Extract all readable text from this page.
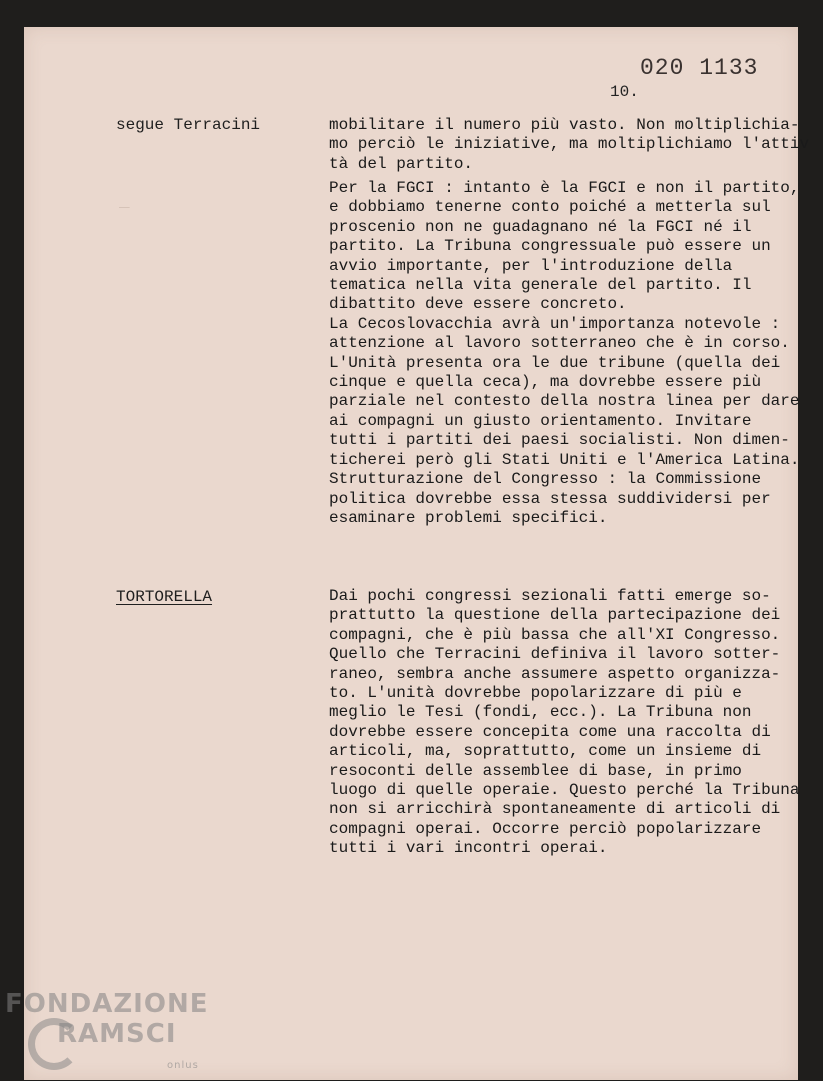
020 1133
10.
segue Terracini	mobilitare il numero più vasto. Non moltiplichia-
mo perciò le iniziative, ma moltiplichiamo l'attiv
tà del partito.
Per la FGCI : intanto è la FGCI e non il partito,
e dobbiamo tenerne conto poiché a metterla sul
proscenio non ne guadagnano né la FGCI né il
partito. La Tribuna congressuale può essere un
avvio importante, per l'introduzione della
tematica nella vita generale del partito. Il
dibattito deve essere concreto.
La Cecoslovacchia avrà un'importanza notevole :
attenzione al lavoro sotterraneo che è in corso.
L'Unità presenta ora le due tribune (quella dei
cinque e quella ceca), ma dovrebbe essere più
parziale nel contesto della nostra linea per dare
ai compagni un giusto orientamento. Invitare
tutti i partiti dei paesi socialisti. Non dimen-
ticherei però gli Stati Uniti e l'America Latina.
Strutturazione del Congresso : la Commissione
politica dovrebbe essa stessa suddividersi per
esaminare problemi specifici.
TORTORELLA	Dai pochi congressi sezionali fatti emerge so-
prattutto la questione della partecipazione dei
compagni, che è più bassa che all'XI Congresso.
Quello che Terracini definiva il lavoro sotter-
raneo, sembra anche assumere aspetto organizza-
to. L'unità dovrebbe popolarizzare di più e
meglio le Tesi (fondi, ecc.). La Tribuna non
dovrebbe essere concepita come una raccolta di
articoli, ma, soprattutto, come un insieme di
resoconti delle assemblee di base, in primo
luogo di quelle operaie. Questo perché la Tribuna
non si arricchirà spontaneamente di articoli di
compagni operai. Occorre perciò popolarizzare
tutti i vari incontri operai.
FONDAZIONE
RAMSCI
onlus
